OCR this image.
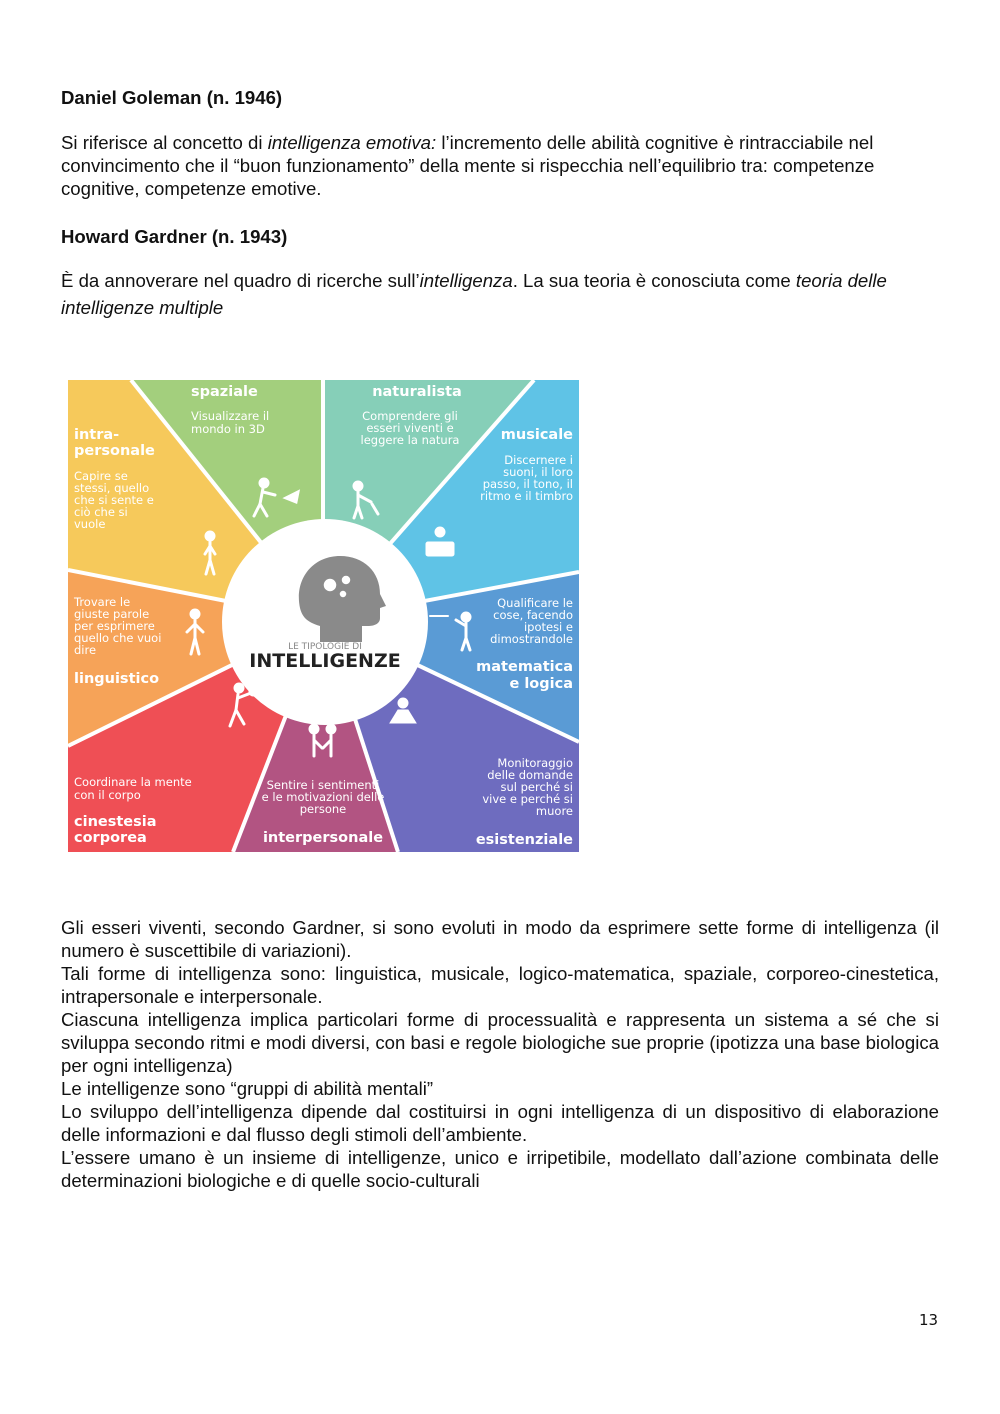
Daniel Goleman (n. 1946)
Si riferisce al concetto di intelligenza emotiva: l’incremento delle abilità cognitive è rintracciabile nel convincimento che il “buon funzionamento” della mente si rispecchia nell’equilibrio tra: competenze cognitive, competenze emotive.
Howard Gardner (n. 1943)
È da annoverare nel quadro di ricerche sull’intelligenza. La sua teoria è conosciuta come teoria delle intelligenze multiple
LE TIPOLOGIE DI
INTELLIGENZE
spaziale
Visualizzare il mondo in 3D
naturalista
Comprendere gli esseri viventi e leggere la natura	musicale
Discernere i suoni, il loro passo, il tono, il ritmo e il timbro
Qualificare le cose, facendo ipotesi e dimostrandole
matematica e logica
Monitoraggio delle domande sul perché si vive e perché si muore
esistenziale
Sentire i sentimenti e le motivazioni delle persone
interpersonale
Coordinare la mente con il corpo
cinestesia corporea
Trovare le giuste parole per esprimere quello che vuoi dire
linguistico
intra-personale
Capire se stessi, quello che si sente e ciò che si vuole

Gli esseri viventi, secondo Gardner, si sono evoluti in modo da esprimere sette forme di intelligenza (il numero è suscettibile di variazioni).

Tali forme di intelligenza sono: linguistica, musicale, logico-matematica, spaziale, corporeo-cinestetica, intrapersonale e interpersonale.

Ciascuna intelligenza implica particolari forme di processualità e rappresenta un sistema a sé che si sviluppa secondo ritmi e modi diversi, con basi e regole biologiche sue proprie (ipotizza una base biologica per ogni intelligenza)

Le intelligenze sono “gruppi di abilità mentali”

Lo sviluppo dell’intelligenza dipende dal costituirsi in ogni intelligenza di un dispositivo di elaborazione delle informazioni e dal flusso degli stimoli dell’ambiente.

L’essere umano è un insieme di intelligenze, unico e irripetibile, modellato dall’azione combinata delle determinazioni biologiche e di quelle socio-culturali

13
